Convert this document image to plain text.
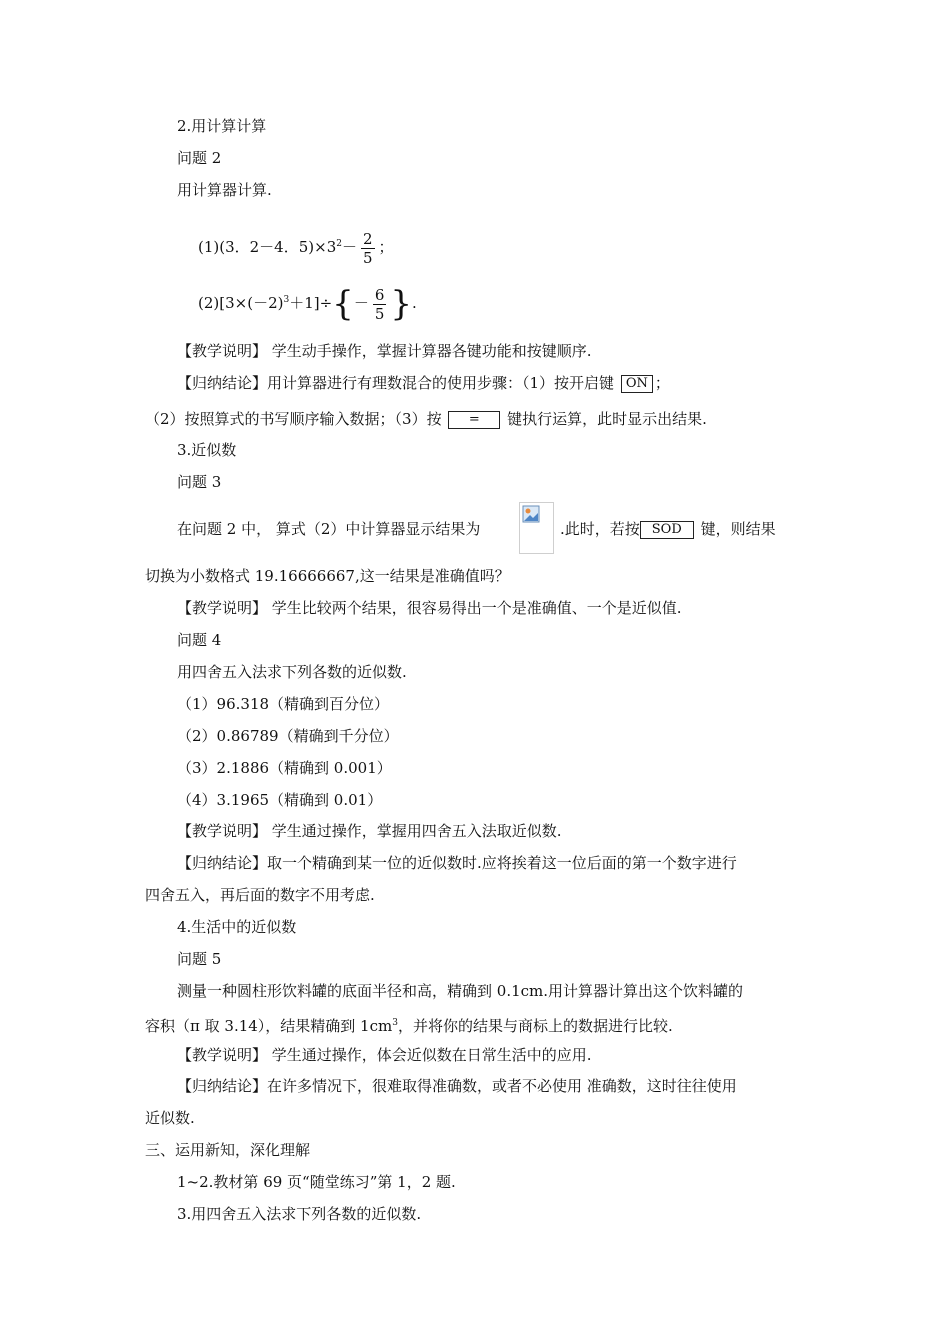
2.用计算计算
问题 2
用计算器计算.
(1)(3．2－4．$5)\times 3^2- \frac{2}{5}$ ；
$(2)[3\times(-2)^3+1]\div\{- \frac{6}{5}$ }.
【教学说明】 学生动手操作，掌握计算器各键功能和按键顺序.
【归纳结论】用计算器进行有理数混合的使用步骤：（1）按开启键 ON ；
（2）按照算式的书写顺序输入数据；（3）按 = 键执行运算，此时显示出结果.
3.近似数
问题 3
在问题 2 中， 算式（2）中计算器显示结果为	.此时，若按 SOD 键，则结果
切换为小数格式 19.16666667,这一结果是准确值吗？
【教学说明】 学生比较两个结果，很容易得出一个是准确值、一个是近似值.
问题 4
用四舍五入法求下列各数的近似数.
（1）96.318（精确到百分位）
（2）0.86789（精确到千分位）
（3）2.1886（精确到 0.001）
（4）3.1965（精确到 0.01）
【教学说明】 学生通过操作，掌握用四舍五入法取近似数.
【归纳结论】取一个精确到某一位的近似数时.应将挨着这一位后面的第一个数字进行
四舍五入，再后面的数字不用考虑.
4.生活中的近似数
问题 5
测量一种圆柱形饮料罐的底面半径和高，精确到 0.1cm.用计算器计算出这个饮料罐的
容积（π 取 3.14），结果精确到 $1cm^3$，并将你的结果与商标上的数据进行比较.
【教学说明】 学生通过操作，体会近似数在日常生活中的应用.
【归纳结论】在许多情况下，很难取得准确数，或者不必使用 准确数，这时往往使用
近似数.
三、运用新知，深化理解
1~2.教材第 69 页“随堂练习”第 1，2 题.
3.用四舍五入法求下列各数的近似数.
